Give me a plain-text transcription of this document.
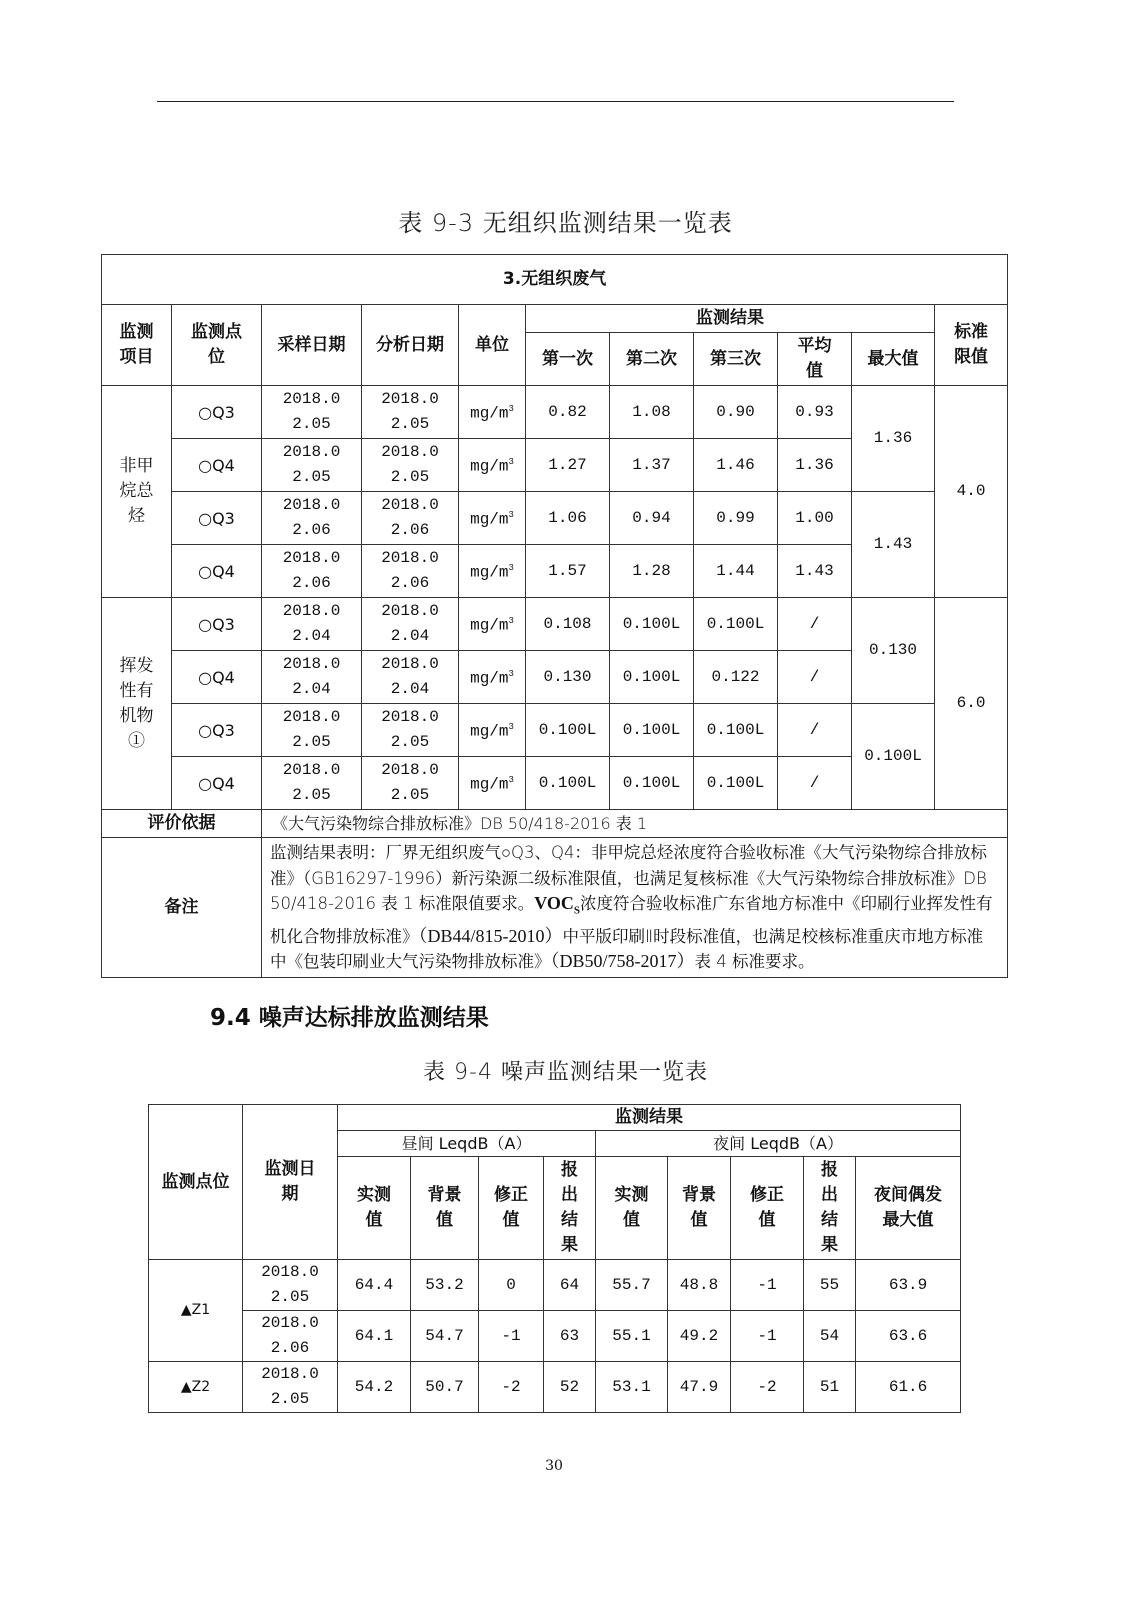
表 9-3 无组织监测结果一览表
3.无组织废气										
监测项目	监测点位	采样日期	分析日期	单位	监测结果					标准限值
					第一次	第二次	第三次	平均值	最大值	
非甲烷总烃	○Q3	2018.02.05	2018.02.05	$mg/m^3$	0.82	1.08	0.90	0.93	1.36	4.0
	○Q4	2018.02.05	2018.02.05	$mg/m^3$	1.27	1.37	1.46	1.36		
	○Q3	2018.02.06	2018.02.06	$mg/m^3$	1.06	0.94	0.99	1.00	1.43	
	○Q4	2018.02.06	2018.02.06	$mg/m^3$	1.57	1.28	1.44	1.43		
挥发性有机物①	○Q3	2018.02.04	2018.02.04	$mg/m^3$	0.108	0.100L	0.100L	/	0.130	6.0
	○Q4	2018.02.04	2018.02.04	$mg/m^3$	0.130	0.100L	0.122	/		
	○Q3	2018.02.05	2018.02.05	$mg/m^3$	0.100L	0.100L	0.100L	/	0.100L	
	○Q4	2018.02.05	2018.02.05	$mg/m^3$	0.100L	0.100L	0.100L	/		
评价依据		《大气污染物综合排放标准》DB 50/418-2016 表 1								
备注		监测结果表明：厂界无组织废气○Q3、Q4：非甲烷总烃浓度符合验收标准《大气污染物综合排放标准》（GB16297-1996）新污染源二级标准限值，也满足复核标准《大气污染物综合排放标准》DB 50/418-2016 表 1 标准限值要求。$VOC_S$浓度符合验收标准广东省地方标准中《印刷行业挥发性有机化合物排放标准》（DB44/815-2010）中平版印刷Ⅱ时段标准值，也满足校核标准重庆市地方标准中《包装印刷业大气污染物排放标准》（DB50/758-2017）表 4 标准要求。								
9.4 噪声达标排放监测结果
表 9-4 噪声监测结果一览表
监测点位	监测日期	监测结果								
		昼间 LeqdB（A）				夜间 LeqdB（A）				
		实测值	背景值	修正值	报出结果	实测值	背景值	修正值	报出结果	夜间偶发最大值
▲Z1	2018.02.05	64.4	53.2	0	64	55.7	48.8	-1	55	63.9
	2018.02.06	64.1	54.7	-1	63	55.1	49.2	-1	54	63.6
▲Z2	2018.02.05	54.2	50.7	-2	52	53.1	47.9	-2	51	61.6
30
